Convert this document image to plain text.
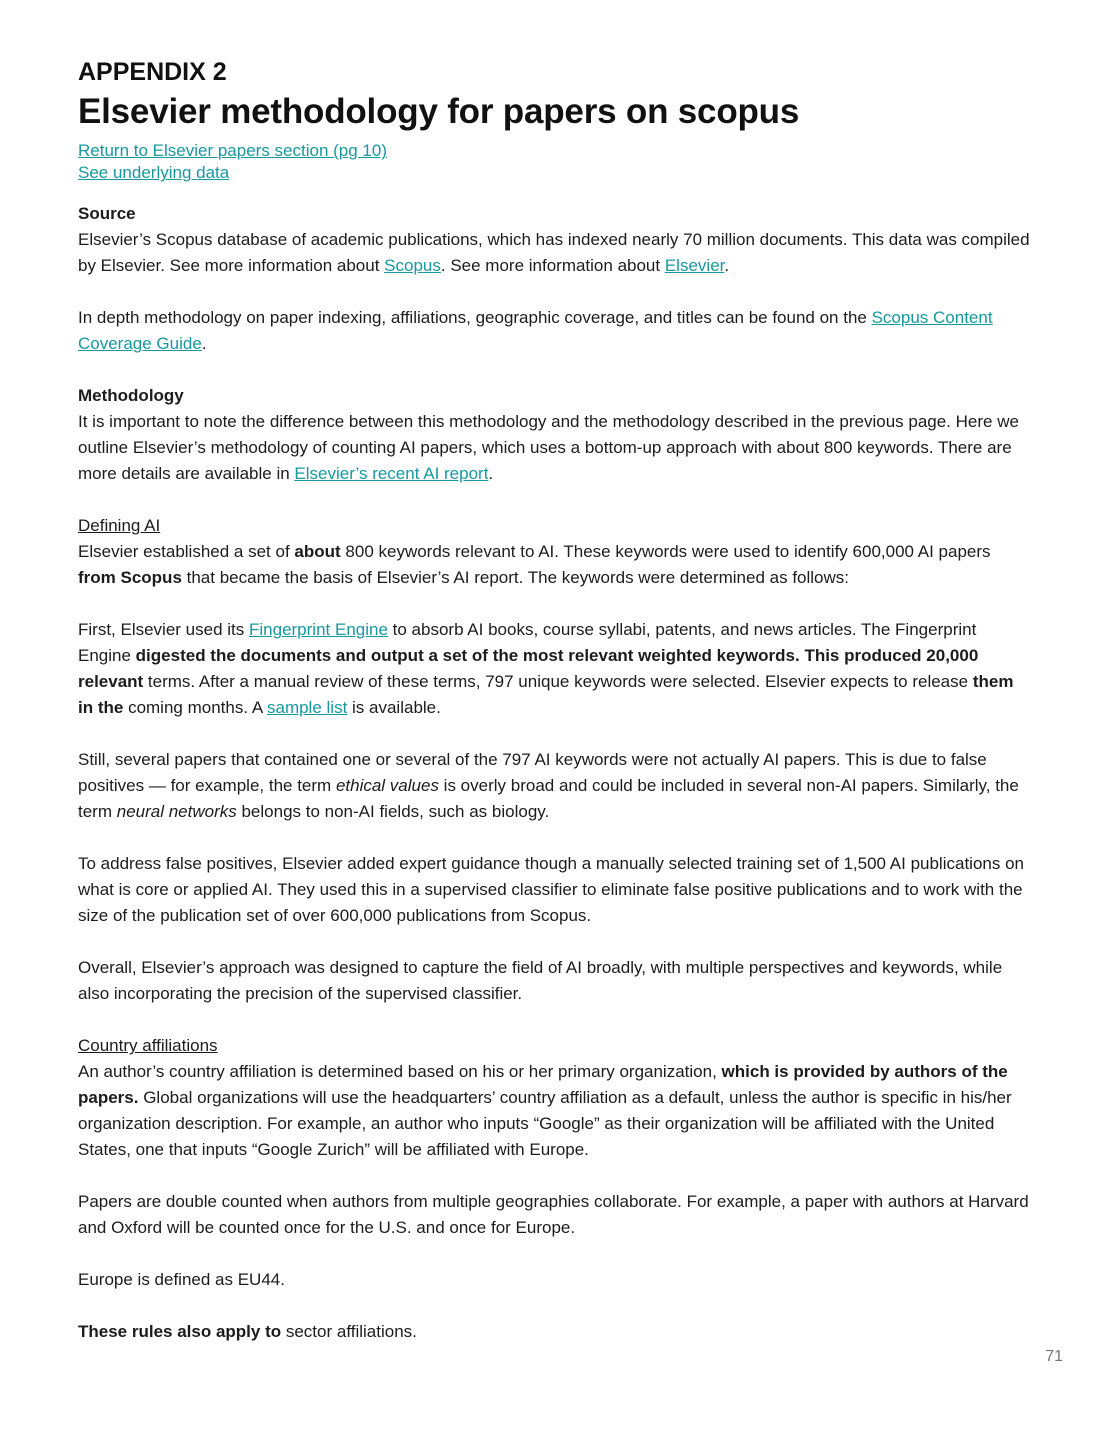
APPENDIX 2
Elsevier methodology for papers on scopus
Return to Elsevier papers section (pg 10)
See underlying data
Source

Elsevier’s Scopus database of academic publications, which has indexed nearly 70 million documents. This data was compiled by Elsevier. See more information about Scopus. See more information about Elsevier.

In depth methodology on paper indexing, affiliations, geographic coverage, and titles can be found on the Scopus Content Coverage Guide.

Methodology

It is important to note the difference between this methodology and the methodology described in the previous page. Here we outline Elsevier’s methodology of counting AI papers, which uses a bottom-up approach with about 800 keywords. There are more details are available in Elsevier’s recent AI report.

Defining AI

Elsevier established a set of about 800 keywords relevant to AI. These keywords were used to identify 600,000 AI papers from Scopus that became the basis of Elsevier’s AI report. The keywords were determined as follows:

First, Elsevier used its Fingerprint Engine to absorb AI books, course syllabi, patents, and news articles. The Fingerprint Engine digested the documents and output a set of the most relevant weighted keywords. This produced 20,000 relevant terms. After a manual review of these terms, 797 unique keywords were selected. Elsevier expects to release them in the coming months. A sample list is available.

Still, several papers that contained one or several of the 797 AI keywords were not actually AI papers. This is due to false positives — for example, the term ethical values is overly broad and could be included in several non-AI papers. Similarly, the term neural networks belongs to non-AI fields, such as biology.

To address false positives, Elsevier added expert guidance though a manually selected training set of 1,500 AI publications on what is core or applied AI. They used this in a supervised classifier to eliminate false positive publications and to work with the size of the publication set of over 600,000 publications from Scopus.

Overall, Elsevier’s approach was designed to capture the field of AI broadly, with multiple perspectives and keywords, while also incorporating the precision of the supervised classifier.

Country affiliations

An author’s country affiliation is determined based on his or her primary organization, which is provided by authors of the papers. Global organizations will use the headquarters’ country affiliation as a default, unless the author is specific in his/her organization description. For example, an author who inputs “Google” as their organization will be affiliated with the United States, one that inputs “Google Zurich” will be affiliated with Europe.

Papers are double counted when authors from multiple geographies collaborate. For example, a paper with authors at Harvard and Oxford will be counted once for the U.S. and once for Europe.

Europe is defined as EU44.

These rules also apply to sector affiliations.

71
